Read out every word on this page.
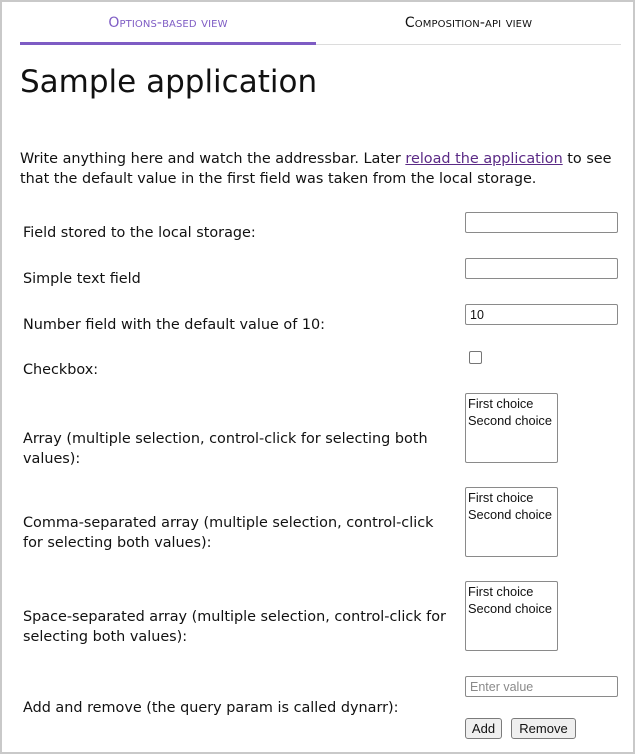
Options-based view	Composition-api view
Sample application
Write anything here and watch the addressbar. Later reload the application to see that the default value in the first field was taken from the local storage.
Field stored to the local storage:
Simple text field
Number field with the default value of 10:
10
Checkbox:
Array (multiple selection, control-click for selecting both values):
First choice
Second choice
Comma-separated array (multiple selection, control-click for selecting both values):
First choice
Second choice
Space-separated array (multiple selection, control-click for selecting both values):
First choice
Second choice
Add and remove (the query param is called dynarr):
Enter value
Add	Remove
